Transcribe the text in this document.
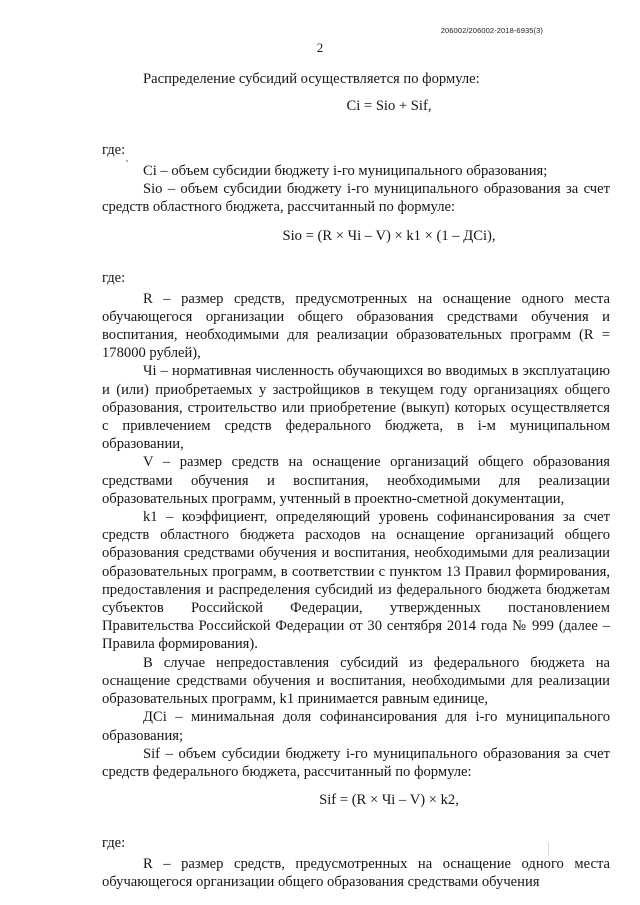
206002/206002-2018-6935(3)
2

Распределение субсидий осуществляется по формуле:

Сi = Sio + Sif,

где:

Сi – объем субсидии бюджету i-го муниципального образования;

Sio – объем субсидии бюджету i-го муниципального образования за счет средств областного бюджета, рассчитанный по формуле:

Sio = (R × Чi – V) × k1 × (1 – ДСi),

где:

R – размер средств, предусмотренных на оснащение одного места обучающегося организации общего образования средствами обучения и воспитания, необходимыми для реализации образовательных программ (R = 178000 рублей),

Чi – нормативная численность обучающихся во вводимых в эксплуатацию и (или) приобретаемых у застройщиков в текущем году организациях общего образования, строительство или приобретение (выкуп) которых осуществляется с привлечением средств федерального бюджета, в i-м муниципальном образовании,

V – размер средств на оснащение организаций общего образования средствами обучения и воспитания, необходимыми для реализации образовательных программ, учтенный в проектно-сметной документации,

k1 – коэффициент, определяющий уровень софинансирования за счет средств областного бюджета расходов на оснащение организаций общего образования средствами обучения и воспитания, необходимыми для реализации образовательных программ, в соответствии с пунктом 13 Правил формирования, предоставления и распределения субсидий из федерального бюджета бюджетам субъектов Российской Федерации, утвержденных постановлением Правительства Российской Федерации от 30 сентября 2014 года № 999 (далее – Правила формирования).

В случае непредоставления субсидий из федерального бюджета на оснащение средствами обучения и воспитания, необходимыми для реализации образовательных программ, k1 принимается равным единице,

ДСi – минимальная доля софинансирования для i-го муниципального образования;

Sif – объем субсидии бюджету i-го муниципального образования за счет средств федерального бюджета, рассчитанный по формуле:

Sif = (R × Чi – V) × k2,

где:

R – размер средств, предусмотренных на оснащение одного места обучающегося организации общего образования средствами обучения
